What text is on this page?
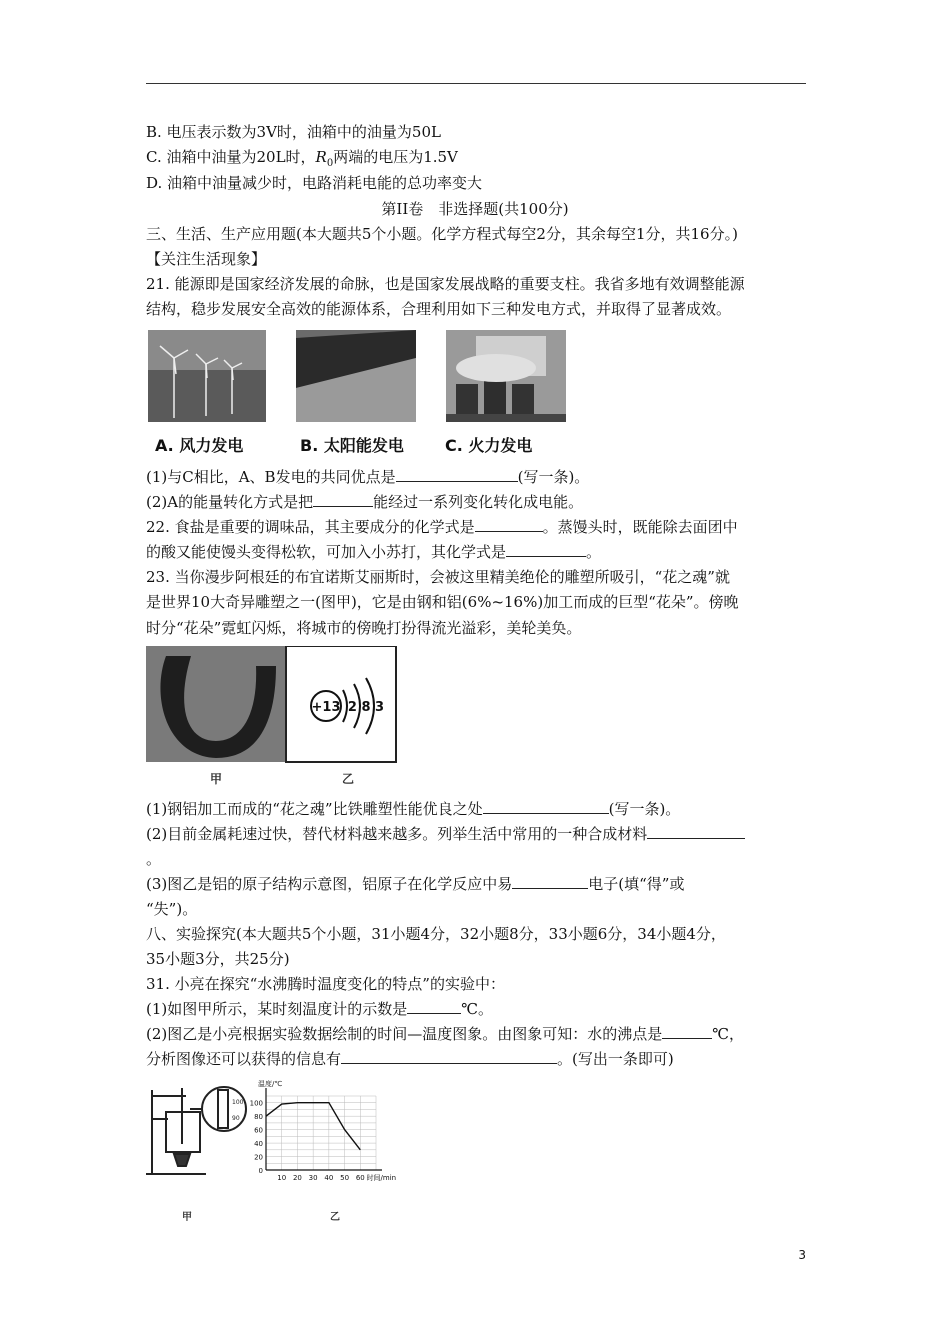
B. 电压表示数为3V时，油箱中的油量为50L
C. 油箱中油量为20L时，$R_0$两端的电压为1.5V
D. 油箱中油量减少时，电路消耗电能的总功率变大
第II卷　非选择题(共100分)
三、生活、生产应用题(本大题共5个小题。化学方程式每空2分，其余每空1分，共16分。)
【关注生活现象】
21. 能源即是国家经济发展的命脉，也是国家发展战略的重要支柱。我省多地有效调整能源
结构，稳步发展安全高效的能源体系，合理利用如下三种发电方式，并取得了显著成效。
A. 风力发电	B. 太阳能发电	C. 火力发电
(1)与C相比，A、B发电的共同优点是	(写一条)。
(2)A的能量转化方式是把	能经过一系列变化转化成电能。
22. 食盐是重要的调味品，其主要成分的化学式是	。蒸馒头时，既能除去面团中
的酸又能使馒头变得松软，可加入小苏打，其化学式是	。
23. 当你漫步阿根廷的布宜诺斯艾丽斯时，会被这里精美绝伦的雕塑所吸引，“花之魂”就
是世界10大奇异雕塑之一(图甲)，它是由钢和铝(6%~16%)加工而成的巨型“花朵”。傍晚
时分“花朵”霓虹闪烁，将城市的傍晚打扮得流光溢彩，美轮美奂。
+13 2 8 3
甲	乙
(1)钢铝加工而成的“花之魂”比铁雕塑性能优良之处	(写一条)。
(2)目前金属耗速过快，替代材料越来越多。列举生活中常用的一种合成材料
。
(3)图乙是铝的原子结构示意图，铝原子在化学反应中易	电子(填“得”或
“失”)。
八、实验探究(本大题共5个小题，31小题4分，32小题8分，33小题6分，34小题4分，
35小题3分，共25分)
31. 小亮在探究“水沸腾时温度变化的特点”的实验中：
(1)如图甲所示，某时刻温度计的示数是	℃。
(2)图乙是小亮根据实验数据绘制的时间—温度图象。由图象可知：水的沸点是	℃，
分析图像还可以获得的信息有	。(写出一条即可)
100
90
0
20
40
60
80
100
10 20 30 40 50 60 时间/min
温度/℃
甲	乙
3
